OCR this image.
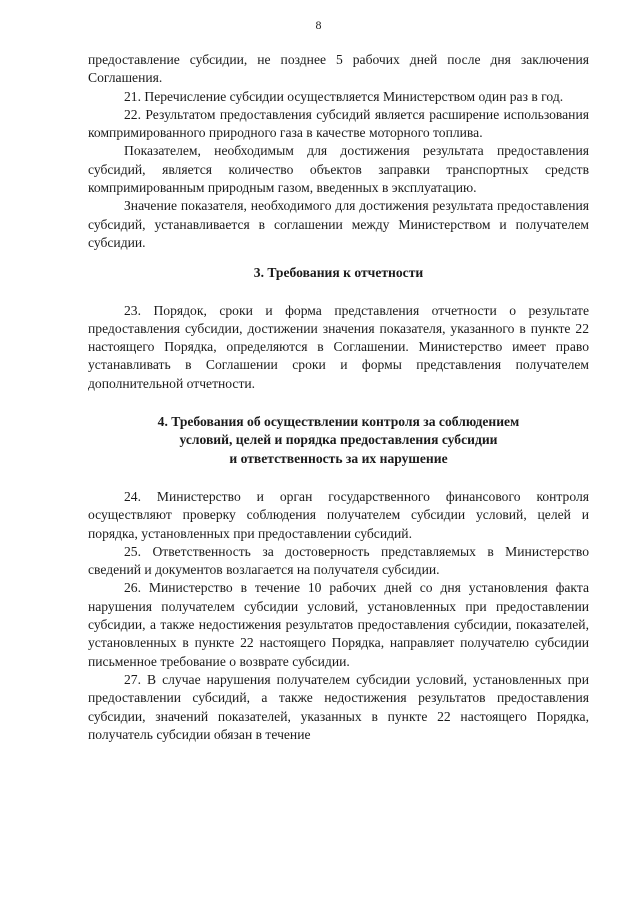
8

предоставление субсидии, не позднее 5 рабочих дней после дня заключения Соглашения.

21. Перечисление субсидии осуществляется Министерством один раз в год.

22. Результатом предоставления субсидий является расширение использования компримированного природного газа в качестве моторного топлива.

Показателем, необходимым для достижения результата предоставления субсидий, является количество объектов заправки транспортных средств компримированным природным газом, введенных в эксплуатацию.

Значение показателя, необходимого для достижения результата предоставления субсидий, устанавливается в соглашении между Министерством и получателем субсидии.

3. Требования к отчетности

23. Порядок, сроки и форма представления отчетности о результате предоставления субсидии, достижении значения показателя, указанного в пункте 22 настоящего Порядка, определяются в Соглашении. Министерство имеет право устанавливать в Соглашении сроки и формы представления получателем дополнительной отчетности.

4. Требования об осуществлении контроля за соблюдением

условий, целей и порядка предоставления субсидии

и ответственность за их нарушение

24. Министерство и орган государственного финансового контроля осуществляют проверку соблюдения получателем субсидии условий, целей и порядка, установленных при предоставлении субсидий.

25. Ответственность за достоверность представляемых в Министерство сведений и документов возлагается на получателя субсидии.

26. Министерство в течение 10 рабочих дней со дня установления факта нарушения получателем субсидии условий, установленных при предоставлении субсидии, а также недостижения результатов предоставления субсидии, показателей, установленных в пункте 22 настоящего Порядка, направляет получателю субсидии письменное требование о возврате субсидии.

27. В случае нарушения получателем субсидии условий, установленных при предоставлении субсидий, а также недостижения результатов предоставления субсидии, значений показателей, указанных в пункте 22 настоящего Порядка, получатель субсидии обязан в течение
